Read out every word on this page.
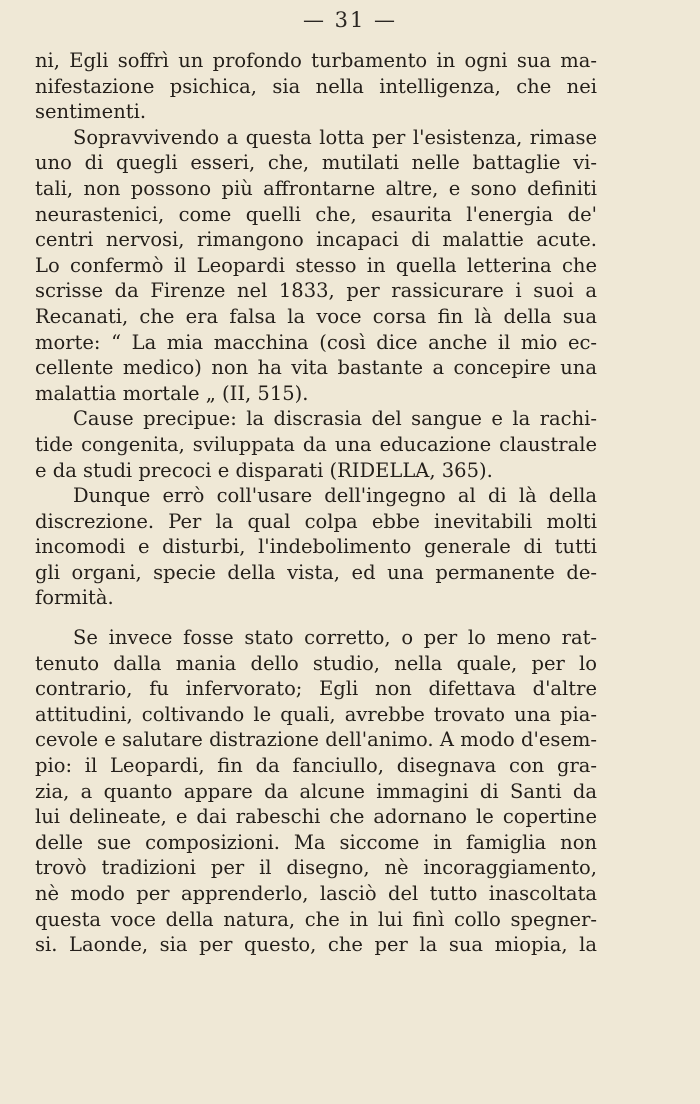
— 31 —
ni, Egli soffrì un profondo turbamento in ogni sua ma-
nifestazione psichica, sia nella intelligenza, che nei
sentimenti.
Sopravvivendo a questa lotta per l'esistenza, rimase
uno di quegli esseri, che, mutilati nelle battaglie vi-
tali, non possono più affrontarne altre, e sono definiti
neurastenici, come quelli che, esaurita l'energia de'
centri nervosi, rimangono incapaci di malattie acute.
Lo confermò il Leopardi stesso in quella letterina che
scrisse da Firenze nel 1833, per rassicurare i suoi a
Recanati, che era falsa la voce corsa fin là della sua
morte: “ La mia macchina (così dice anche il mio ec-
cellente medico) non ha vita bastante a concepire una
malattia mortale „ (II, 515).
Cause precipue: la discrasia del sangue e la rachi-
tide congenita, sviluppata da una educazione claustrale
e da studi precoci e disparati (RIDELLA, 365).
Dunque errò coll'usare dell'ingegno al di là della
discrezione. Per la qual colpa ebbe inevitabili molti
incomodi e disturbi, l'indebolimento generale di tutti
gli organi, specie della vista, ed una permanente de-
formità.
Se invece fosse stato corretto, o per lo meno rat-
tenuto dalla mania dello studio, nella quale, per lo
contrario, fu infervorato; Egli non difettava d'altre
attitudini, coltivando le quali, avrebbe trovato una pia-
cevole e salutare distrazione dell'animo. A modo d'esem-
pio: il Leopardi, fin da fanciullo, disegnava con gra-
zia, a quanto appare da alcune immagini di Santi da
lui delineate, e dai rabeschi che adornano le copertine
delle sue composizioni. Ma siccome in famiglia non
trovò tradizioni per il disegno, nè incoraggiamento,
nè modo per apprenderlo, lasciò del tutto inascoltata
questa voce della natura, che in lui finì collo spegner-
si. Laonde, sia per questo, che per la sua miopia, la
